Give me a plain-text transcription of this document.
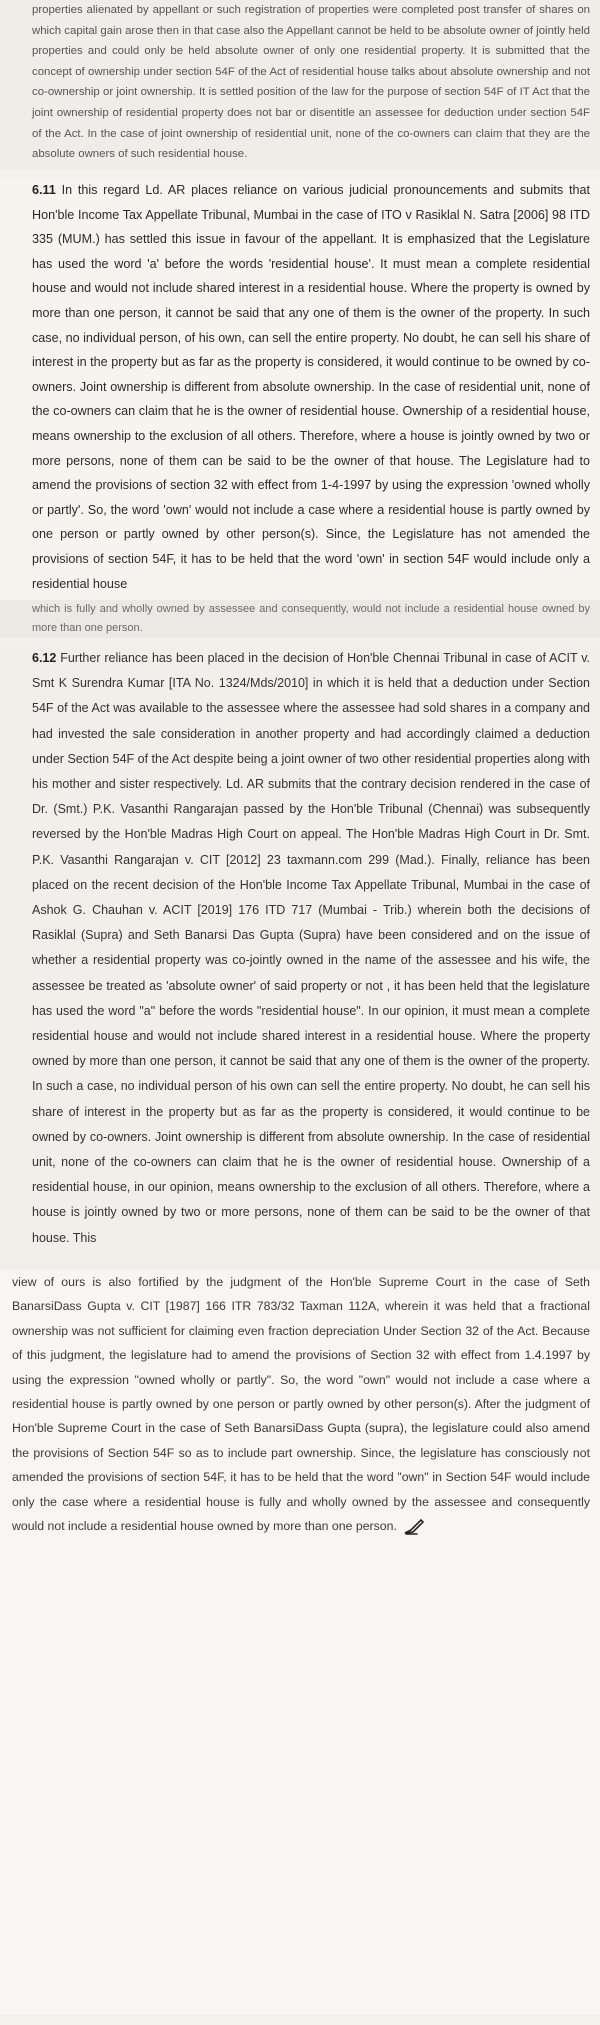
properties alienated by appellant or such registration of properties were completed post transfer of shares on which capital gain arose then in that case also the Appellant cannot be held to be absolute owner of jointly held properties and could only be held absolute owner of only one residential property. It is submitted that the concept of ownership under section 54F of the Act of residential house talks about absolute ownership and not co-ownership or joint ownership. It is settled position of the law for the purpose of section 54F of IT Act that the joint ownership of residential property does not bar or disentitle an assessee for deduction under section 54F of the Act. In the case of joint ownership of residential unit, none of the co-owners can claim that they are the absolute owners of such residential house.

6.11 In this regard Ld. AR places reliance on various judicial pronouncements and submits that Hon'ble Income Tax Appellate Tribunal, Mumbai in the case of ITO v Rasiklal N. Satra [2006] 98 ITD 335 (MUM.) has settled this issue in favour of the appellant. It is emphasized that the Legislature has used the word 'a' before the words 'residential house'. It must mean a complete residential house and would not include shared interest in a residential house. Where the property is owned by more than one person, it cannot be said that any one of them is the owner of the property. In such case, no individual person, of his own, can sell the entire property. No doubt, he can sell his share of interest in the property but as far as the property is considered, it would continue to be owned by co-owners. Joint ownership is different from absolute ownership. In the case of residential unit, none of the co-owners can claim that he is the owner of residential house. Ownership of a residential house, means ownership to the exclusion of all others. Therefore, where a house is jointly owned by two or more persons, none of them can be said to be the owner of that house. The Legislature had to amend the provisions of section 32 with effect from 1-4-1997 by using the expression 'owned wholly or partly'. So, the word 'own' would not include a case where a residential house is partly owned by one person or partly owned by other person(s). Since, the Legislature has not amended the provisions of section 54F, it has to be held that the word 'own' in section 54F would include only a residential house

which is fully and wholly owned by assessee and consequently, would not include a residential house owned by more than one person.

6.12 Further reliance has been placed in the decision of Hon'ble Chennai Tribunal in case of ACIT v. Smt K Surendra Kumar [ITA No. 1324/Mds/2010] in which it is held that a deduction under Section 54F of the Act was available to the assessee where the assessee had sold shares in a company and had invested the sale consideration in another property and had accordingly claimed a deduction under Section 54F of the Act despite being a joint owner of two other residential properties along with his mother and sister respectively. Ld. AR submits that the contrary decision rendered in the case of Dr. (Smt.) P.K. Vasanthi Rangarajan passed by the Hon'ble Tribunal (Chennai) was subsequently reversed by the Hon'ble Madras High Court on appeal. The Hon'ble Madras High Court in Dr. Smt. P.K. Vasanthi Rangarajan v. CIT [2012] 23 taxmann.com 299 (Mad.). Finally, reliance has been placed on the recent decision of the Hon'ble Income Tax Appellate Tribunal, Mumbai in the case of Ashok G. Chauhan v. ACIT [2019] 176 ITD 717 (Mumbai - Trib.) wherein both the decisions of Rasiklal (Supra) and Seth Banarsi Das Gupta (Supra) have been considered and on the issue of whether a residential property was co-jointly owned in the name of the assessee and his wife, the assessee be treated as 'absolute owner' of said property or not , it has been held that the legislature has used the word "a" before the words "residential house". In our opinion, it must mean a complete residential house and would not include shared interest in a residential house. Where the property owned by more than one person, it cannot be said that any one of them is the owner of the property. In such a case, no individual person of his own can sell the entire property. No doubt, he can sell his share of interest in the property but as far as the property is considered, it would continue to be owned by co-owners. Joint ownership is different from absolute ownership. In the case of residential unit, none of the co-owners can claim that he is the owner of residential house. Ownership of a residential house, in our opinion, means ownership to the exclusion of all others. Therefore, where a house is jointly owned by two or more persons, none of them can be said to be the owner of that house. This

view of ours is also fortified by the judgment of the Hon'ble Supreme Court in the case of Seth BanarsiDass Gupta v. CIT [1987] 166 ITR 783/32 Taxman 112A, wherein it was held that a fractional ownership was not sufficient for claiming even fraction depreciation Under Section 32 of the Act. Because of this judgment, the legislature had to amend the provisions of Section 32 with effect from 1.4.1997 by using the expression "owned wholly or partly". So, the word "own" would not include a case where a residential house is partly owned by one person or partly owned by other person(s). After the judgment of Hon'ble Supreme Court in the case of Seth BanarsiDass Gupta (supra), the legislature could also amend the provisions of Section 54F so as to include part ownership. Since, the legislature has consciously not amended the provisions of section 54F, it has to be held that the word "own" in Section 54F would include only the case where a residential house is fully and wholly owned by the assessee and consequently would not include a residential house owned by more than one person.
